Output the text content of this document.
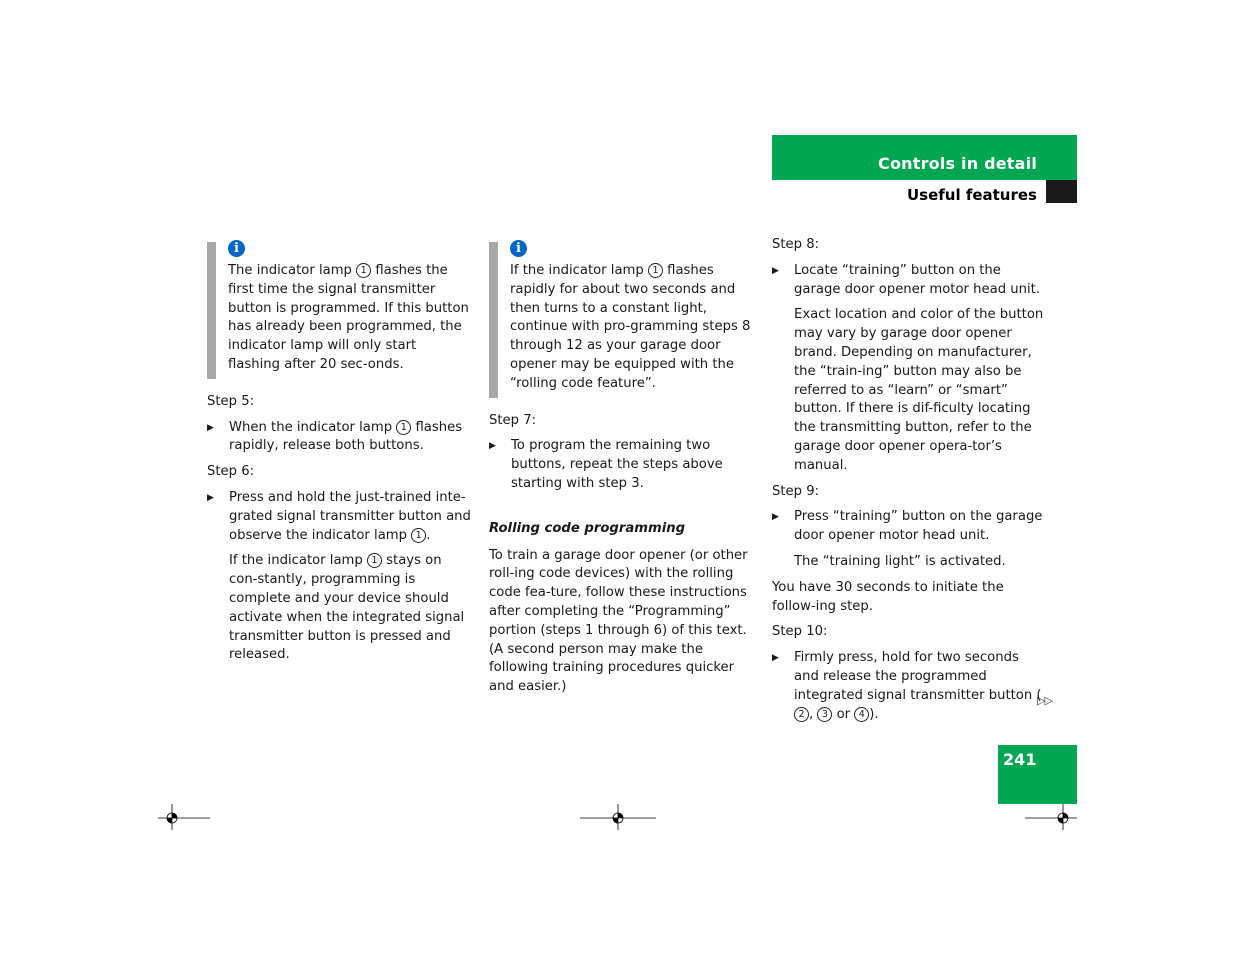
Controls in detail
Useful features
i
The indicator lamp 1 flashes the first time the signal transmitter button is programmed. If this button has already been programmed, the indicator lamp will only start flashing after 20 sec-onds.

Step 5:

▶ When the indicator lamp 1 flashes rapidly, release both buttons.

Step 6:

▶ Press and hold the just-trained inte-grated signal transmitter button and observe the indicator lamp 1 .

If the indicator lamp 1 stays on con-stantly, programming is complete and your device should activate when the integrated signal transmitter button is pressed and released.

i
If the indicator lamp 1 flashes rapidly for about two seconds and then turns to a constant light, continue with pro-gramming steps 8 through 12 as your garage door opener may be equipped with the “rolling code feature”.

Step 7:

▶ To program the remaining two buttons, repeat the steps above starting with step 3.

Rolling code programming

To train a garage door opener (or other roll-ing code devices) with the rolling code fea-ture, follow these instructions after completing the “Programming” portion (steps 1 through 6) of this text. (A second person may make the following training procedures quicker and easier.)

Step 8:

▶ Locate “training” button on the garage door opener motor head unit.

Exact location and color of the button may vary by garage door opener brand. Depending on manufacturer, the “train-ing” button may also be referred to as “learn” or “smart” button. If there is dif-ficulty locating the transmitting button, refer to the garage door opener opera-tor’s manual.

Step 9:

▶ Press “training” button on the garage door opener motor head unit.

The “training light” is activated.

You have 30 seconds to initiate the follow-ing step.

Step 10:

▶ Firmly press, hold for two seconds and release the programmed integrated signal transmitter button (2 , 3 or 4 ).

▷▷
241
